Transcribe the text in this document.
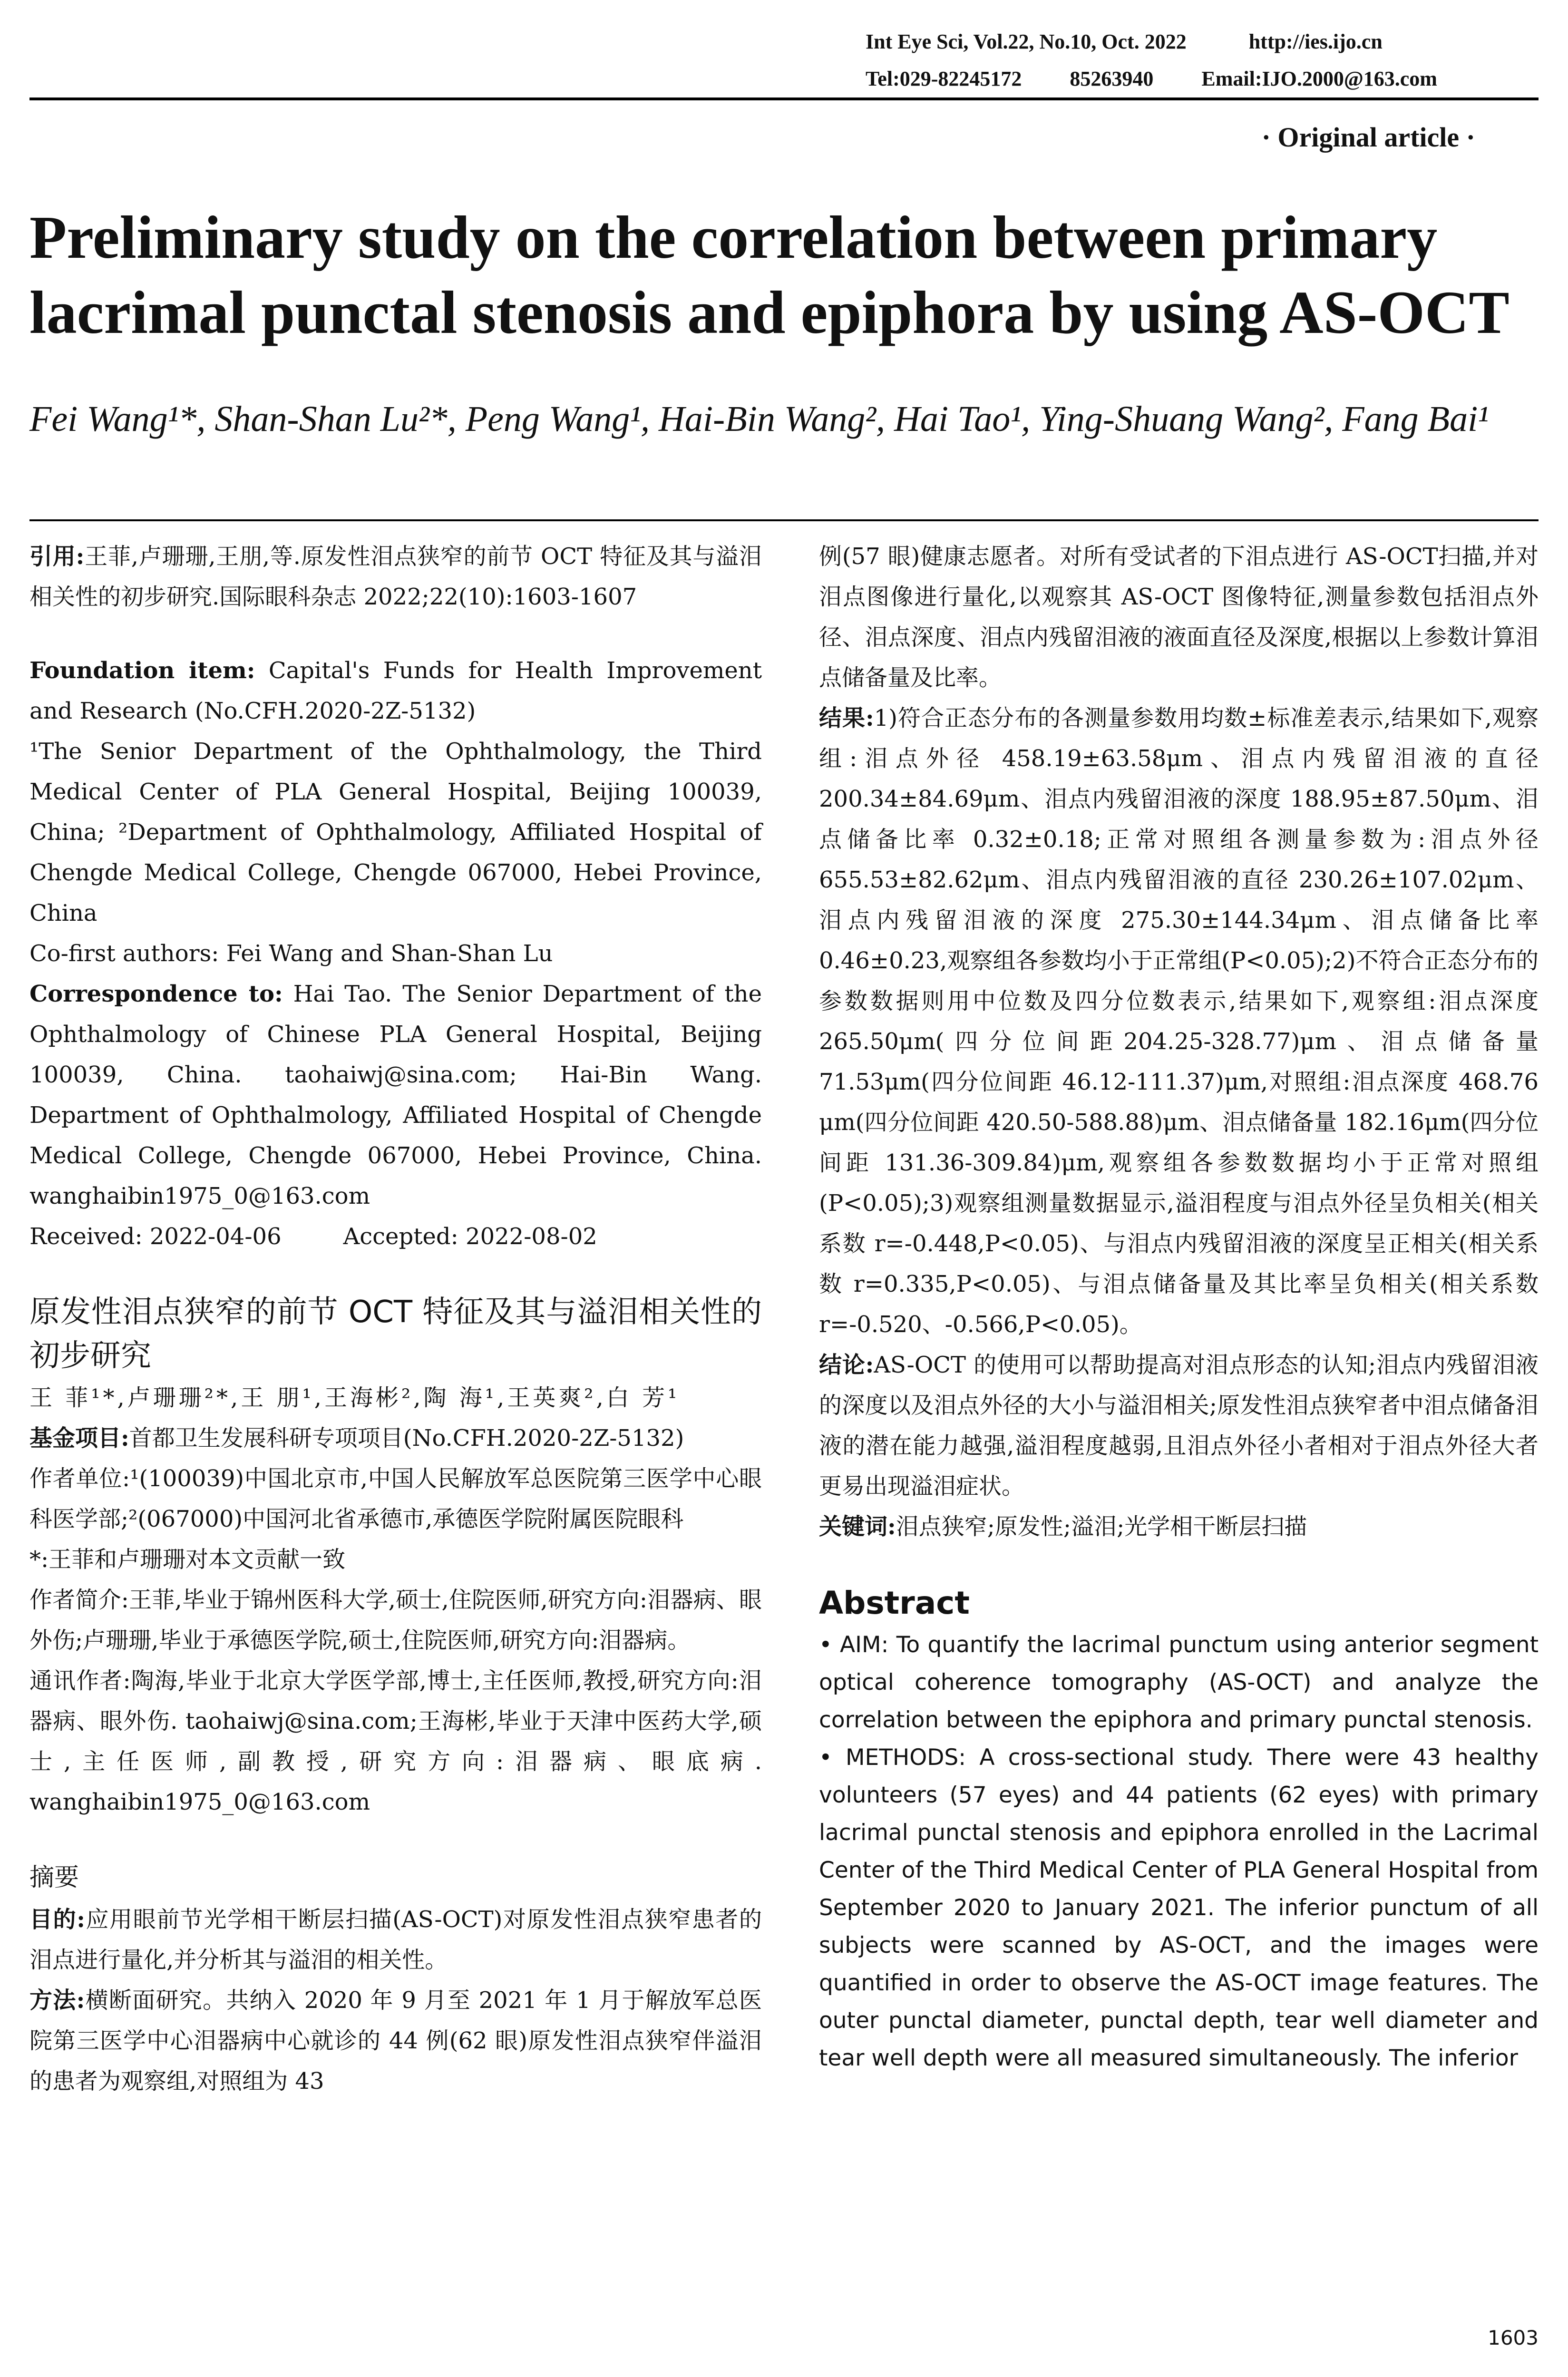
Int Eye Sci, Vol.22, No.10, Oct. 2022	http://ies.ijo.cn
Tel:029-82245172 85263940 Email:IJO.2000@163.com
· Original article ·
Preliminary study on the correlation between primary lacrimal punctal stenosis and epiphora by using AS-OCT
Fei Wang¹*, Shan-Shan Lu²*, Peng Wang¹, Hai-Bin Wang², Hai Tao¹, Ying-Shuang Wang², Fang Bai¹

引用:王菲,卢珊珊,王朋,等.原发性泪点狭窄的前节 OCT 特征及其与溢泪相关性的初步研究.国际眼科杂志 2022;22(10):1603-1607

Foundation item: Capital's Funds for Health Improvement and Research (No.CFH.2020-2Z-5132)

¹The Senior Department of the Ophthalmology, the Third Medical Center of PLA General Hospital, Beijing 100039, China; ²Department of Ophthalmology, Affiliated Hospital of Chengde Medical College, Chengde 067000, Hebei Province, China

Co-first authors: Fei Wang and Shan-Shan Lu

Correspondence to: Hai Tao. The Senior Department of the Ophthalmology of Chinese PLA General Hospital, Beijing 100039, China. taohaiwj@sina.com; Hai-Bin Wang. Department of Ophthalmology, Affiliated Hospital of Chengde Medical College, Chengde 067000, Hebei Province, China. wanghaibin1975_0@163.com

Received: 2022-04-06	Accepted: 2022-08-02

原发性泪点狭窄的前节 OCT 特征及其与溢泪相关性的初步研究

王 菲¹*,卢珊珊²*,王 朋¹,王海彬²,陶 海¹,王英爽²,白 芳¹

基金项目:首都卫生发展科研专项项目(No.CFH.2020-2Z-5132)

作者单位:¹(100039)中国北京市,中国人民解放军总医院第三医学中心眼科医学部;²(067000)中国河北省承德市,承德医学院附属医院眼科

*:王菲和卢珊珊对本文贡献一致

作者简介:王菲,毕业于锦州医科大学,硕士,住院医师,研究方向:泪器病、眼外伤;卢珊珊,毕业于承德医学院,硕士,住院医师,研究方向:泪器病。

通讯作者:陶海,毕业于北京大学医学部,博士,主任医师,教授,研究方向:泪器病、眼外伤. taohaiwj@sina.com;王海彬,毕业于天津中医药大学,硕士,主任医师,副教授,研究方向:泪器病、眼底病. wanghaibin1975_0@163.com

摘要

目的:应用眼前节光学相干断层扫描(AS-OCT)对原发性泪点狭窄患者的泪点进行量化,并分析其与溢泪的相关性。

方法:横断面研究。共纳入 2020 年 9 月至 2021 年 1 月于解放军总医院第三医学中心泪器病中心就诊的 44 例(62 眼)原发性泪点狭窄伴溢泪的患者为观察组,对照组为 43

例(57 眼)健康志愿者。对所有受试者的下泪点进行 AS-OCT扫描,并对泪点图像进行量化,以观察其 AS-OCT 图像特征,测量参数包括泪点外径、泪点深度、泪点内残留泪液的液面直径及深度,根据以上参数计算泪点储备量及比率。

结果:1)符合正态分布的各测量参数用均数±标准差表示,结果如下,观察组:泪点外径 458.19±63.58μm、泪点内残留泪液的直径 200.34±84.69μm、泪点内残留泪液的深度 188.95±87.50μm、泪点储备比率 0.32±0.18;正常对照组各测量参数为:泪点外径 655.53±82.62μm、泪点内残留泪液的直径 230.26±107.02μm、泪点内残留泪液的深度 275.30±144.34μm、泪点储备比率0.46±0.23,观察组各参数均小于正常组(P<0.05);2)不符合正态分布的参数数据则用中位数及四分位数表示,结果如下,观察组:泪点深度 265.50μm(四分位间距204.25-328.77)μm、泪点储备量 71.53μm(四分位间距 46.12-111.37)μm,对照组:泪点深度 468.76 μm(四分位间距 420.50-588.88)μm、泪点储备量 182.16μm(四分位间距 131.36-309.84)μm,观察组各参数数据均小于正常对照组(P<0.05);3)观察组测量数据显示,溢泪程度与泪点外径呈负相关(相关系数 r=-0.448,P<0.05)、与泪点内残留泪液的深度呈正相关(相关系数 r=0.335,P<0.05)、与泪点储备量及其比率呈负相关(相关系数 r=-0.520、-0.566,P<0.05)。

结论:AS-OCT 的使用可以帮助提高对泪点形态的认知;泪点内残留泪液的深度以及泪点外径的大小与溢泪相关;原发性泪点狭窄者中泪点储备泪液的潜在能力越强,溢泪程度越弱,且泪点外径小者相对于泪点外径大者更易出现溢泪症状。

关键词:泪点狭窄;原发性;溢泪;光学相干断层扫描

Abstract

• AIM: To quantify the lacrimal punctum using anterior segment optical coherence tomography (AS-OCT) and analyze the correlation between the epiphora and primary punctal stenosis.

• METHODS: A cross-sectional study. There were 43 healthy volunteers (57 eyes) and 44 patients (62 eyes) with primary lacrimal punctal stenosis and epiphora enrolled in the Lacrimal Center of the Third Medical Center of PLA General Hospital from September 2020 to January 2021. The inferior punctum of all subjects were scanned by AS-OCT, and the images were quantified in order to observe the AS-OCT image features. The outer punctal diameter, punctal depth, tear well diameter and tear well depth were all measured simultaneously. The inferior

1603
